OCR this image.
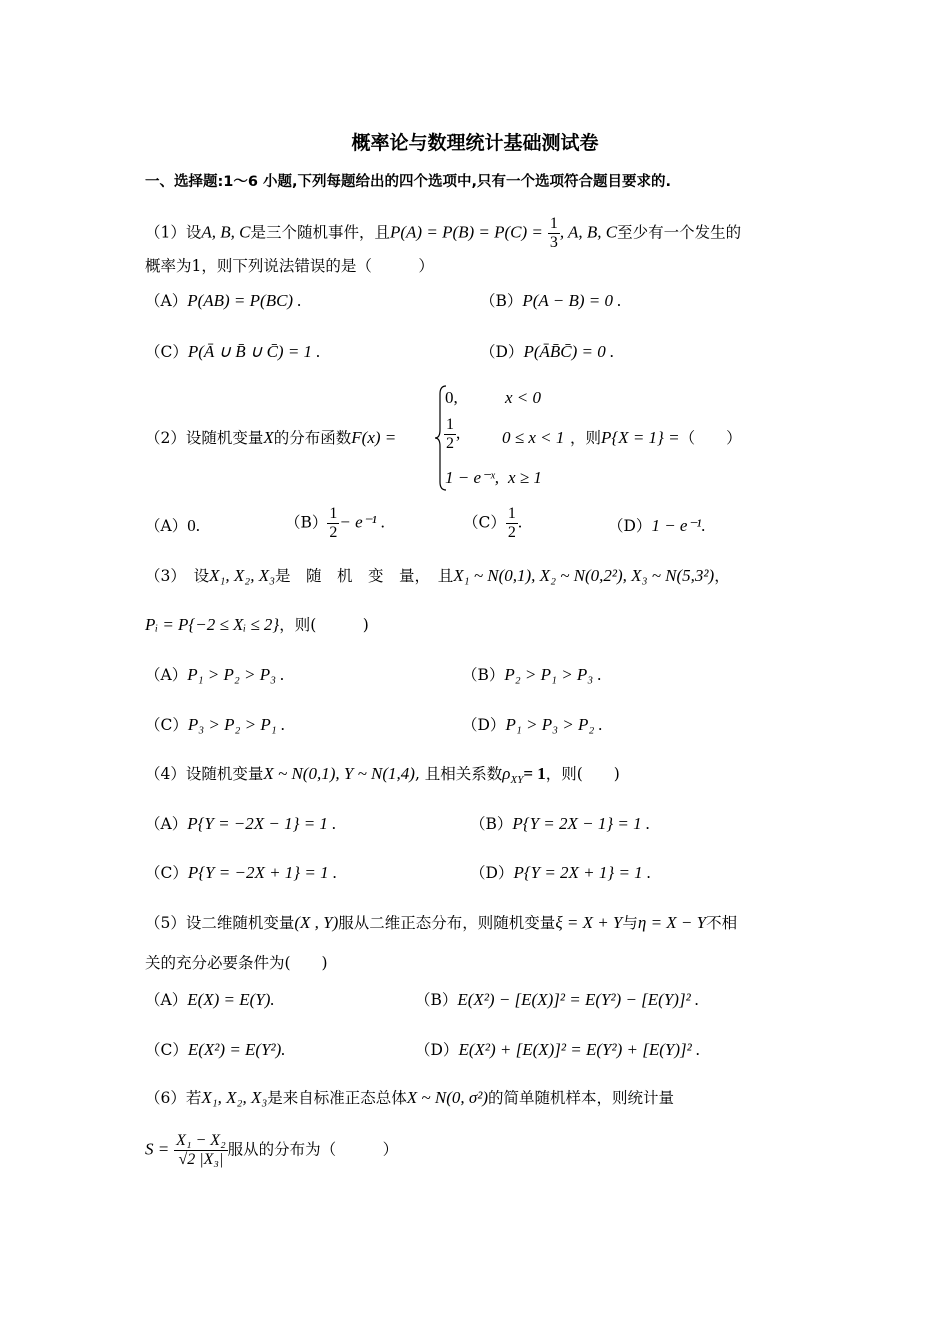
概率论与数理统计基础测试卷
一、选择题:1～6 小题,下列每题给出的四个选项中,只有一个选项符合题目要求的.
（1）设A, B, C是三个随机事件，且$P(A) = P(B) = P(C) = \frac{1}{3}$ , A, B, C至少有一个发生的
概率为1，则下列说法错误的是（　　　）
（A）P(AB) = P(BC) .	（B）P(A − B) = 0 .
（C）P(Ā ∪ B̄ ∪ C̄) = 1 .	（D）P(ĀB̄C̄) = 0 .
（2）设随机变量X的分布函数F(x) =
0,	x < 0
$\frac{1}{2}$ , 0 ≤ x < 1
1 − e⁻ˣ, x ≥ 1
，则P{X = 1} =（　　）
（A）0.	$(B) \frac{1}{2} - e^{-1}$ .	$(C) \frac{1}{2}$ .	（D）1 − e⁻¹.
（3）　设X₁, X₂, X₃是　随　机　变　量，　且X₁ ~ N(0,1), X₂ ~ N(0,2²), X₃ ~ N(5,3²)，
Pᵢ = P{−2 ≤ Xᵢ ≤ 2}，则(　　　)
（A）P₁ > P₂ > P₃ .	（B）P₂ > P₁ > P₃ .
（C）P₃ > P₂ > P₁ .	（D）P₁ > P₃ > P₂ .
（4）设随机变量X ~ N(0,1), Y ~ N(1,4), 且相关系数$\rho_{XY}= 1$，则(　　)
（A）P{Y = −2X − 1} = 1 .	（B）P{Y = 2X − 1} = 1 .
（C）P{Y = −2X + 1} = 1 .	（D）P{Y = 2X + 1} = 1 .
（5）设二维随机变量(X , Y)服从二维正态分布，则随机变量ξ = X + Y与η = X − Y不相
关的充分必要条件为(　　)
（A）E(X) = E(Y).	（B）E(X²) − [E(X)]² = E(Y²) − [E(Y)]² .
（C）E(X²) = E(Y²).	（D）E(X²) + [E(X)]² = E(Y²) + [E(Y)]² .
（6）若X₁, X₂, X₃是来自标准正态总体X ~ N(0, σ²)的简单随机样本，则统计量
$S = \frac{\text{X₁ − X₂}}{\text{√2 |X₃|}}$ 服从的分布为（　　　）
